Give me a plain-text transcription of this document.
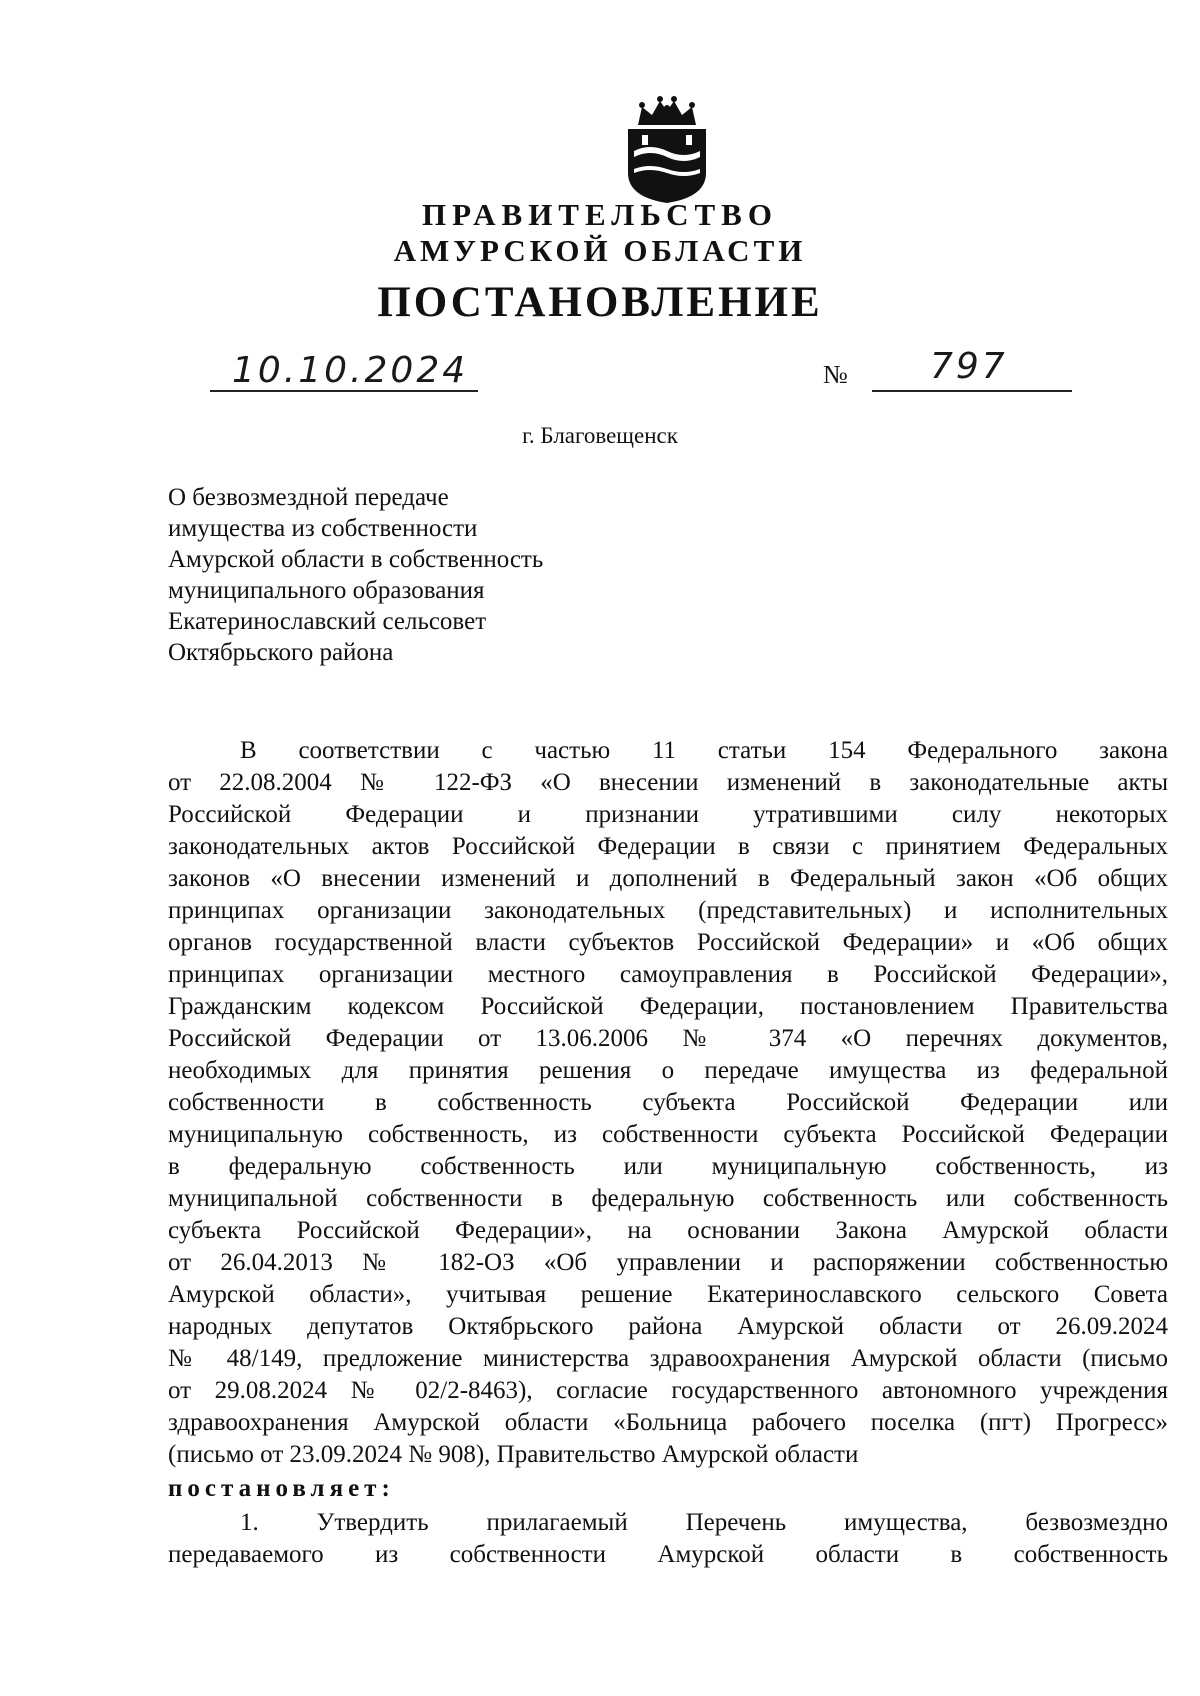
ПРАВИТЕЛЬСТВО
АМУРСКОЙ ОБЛАСТИ
ПОСТАНОВЛЕНИЕ
10.10.2024	№ 797
г. Благовещенск
О безвозмездной передаче
имущества из собственности
Амурской области в собственность
муниципального образования
Екатеринославский сельсовет
Октябрьского района
В соответствии с частью 11 статьи 154 Федерального закона
от 22.08.2004 № 122-ФЗ «О внесении изменений в законодательные акты
Российской Федерации и признании утратившими силу некоторых
законодательных актов Российской Федерации в связи с принятием Федеральных
законов «О внесении изменений и дополнений в Федеральный закон «Об общих
принципах организации законодательных (представительных) и исполнительных
органов государственной власти субъектов Российской Федерации» и «Об общих
принципах организации местного самоуправления в Российской Федерации»,
Гражданским кодексом Российской Федерации, постановлением Правительства
Российской Федерации от 13.06.2006 № 374 «О перечнях документов,
необходимых для принятия решения о передаче имущества из федеральной
собственности в собственность субъекта Российской Федерации или
муниципальную собственность, из собственности субъекта Российской Федерации
в федеральную собственность или муниципальную собственность, из
муниципальной собственности в федеральную собственность или собственность
субъекта Российской Федерации», на основании Закона Амурской области
от 26.04.2013 № 182-ОЗ «Об управлении и распоряжении собственностью
Амурской области», учитывая решение Екатеринославского сельского Совета
народных депутатов Октябрьского района Амурской области от 26.09.2024
№ 48/149, предложение министерства здравоохранения Амурской области (письмо
от 29.08.2024 № 02/2-8463), согласие государственного автономного учреждения
здравоохранения Амурской области «Больница рабочего поселка (пгт) Прогресс»
(письмо от 23.09.2024 № 908), Правительство Амурской области
постановляет:
1. Утвердить прилагаемый Перечень имущества, безвозмездно
передаваемого из собственности Амурской области в собственность
